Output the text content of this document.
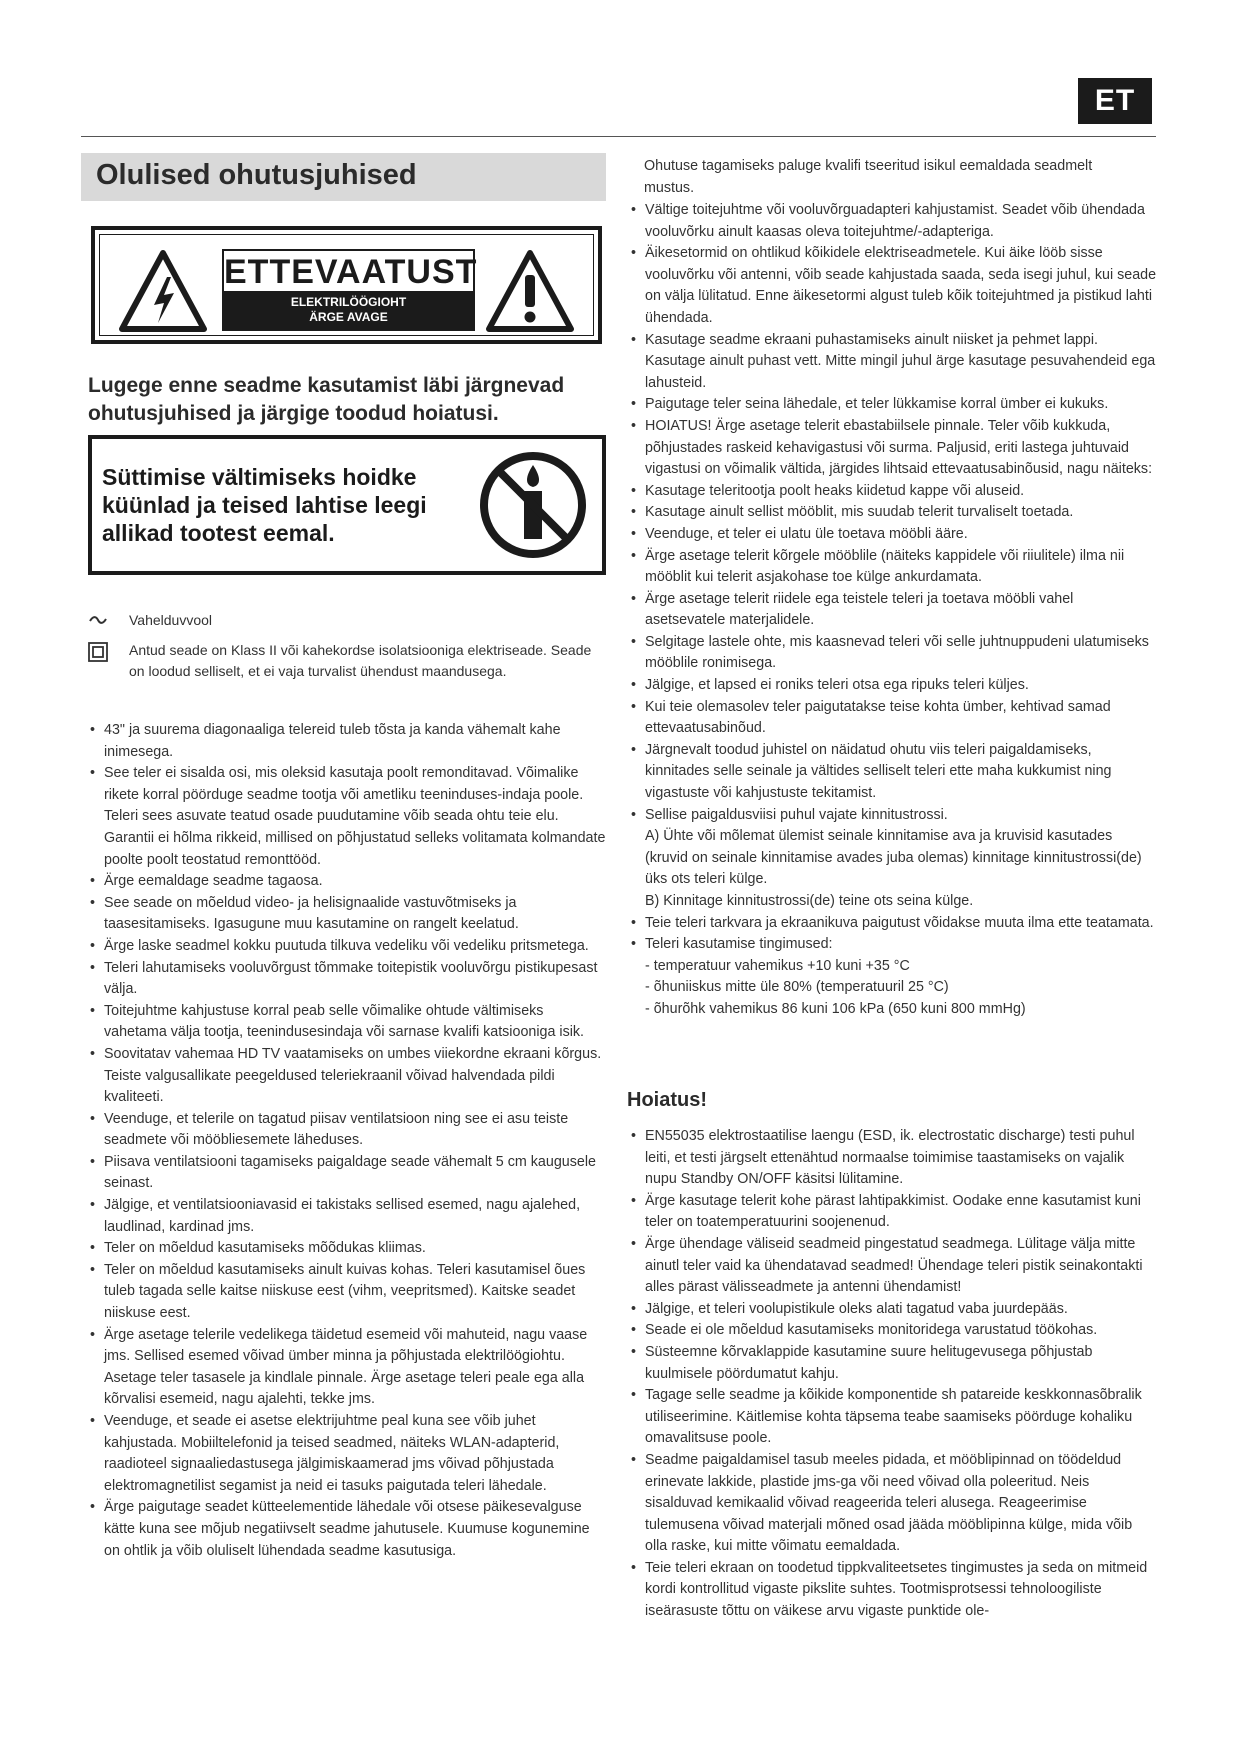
ET
Olulised ohutusjuhised
ETTEVAATUST
ELEKTRILÖÖGIOHT
ÄRGE AVAGE

Lugege enne seadme kasutamist läbi järgnevad ohutusjuhised ja järgige toodud hoiatusi.

Süttimise vältimiseks hoidke küünlad ja teised lahtise leegi allikad tootest eemal.
Vahelduvvool
Antud seade on Klass II või kahekordse isolatsiooniga elektriseade. Seade on loodud selliselt, et ei vaja turvalist ühendust maandusega.
• 43" ja suurema diagonaaliga telereid tuleb tõsta ja kanda vähemalt kahe inimesega.
• See teler ei sisalda osi, mis oleksid kasutaja poolt remonditavad. Võimalike rikete korral pöörduge seadme tootja või ametliku teeninduses-indaja poole. Teleri sees asuvate teatud osade puudutamine võib seada ohtu teie elu. Garantii ei hõlma rikkeid, millised on põhjustatud selleks volitamata kolmandate poolte poolt teostatud remonttööd.
• Ärge eemaldage seadme tagaosa.
• See seade on mõeldud video- ja helisignaalide vastuvõtmiseks ja taasesitamiseks. Igasugune muu kasutamine on rangelt keelatud.
• Ärge laske seadmel kokku puutuda tilkuva vedeliku või vedeliku pritsmetega.
• Teleri lahutamiseks vooluvõrgust tõmmake toitepistik vooluvõrgu pistikupesast välja.
• Toitejuhtme kahjustuse korral peab selle võimalike ohtude vältimiseks vahetama välja tootja, teenindusesindaja või sarnase kvalifi katsiooniga isik.
• Soovitatav vahemaa HD TV vaatamiseks on umbes viiekordne ekraani kõrgus. Teiste valgusallikate peegeldused teleriekraanil võivad halvendada pildi kvaliteeti.
• Veenduge, et telerile on tagatud piisav ventilatsioon ning see ei asu teiste seadmete või mööbliesemete läheduses.
• Piisava ventilatsiooni tagamiseks paigaldage seade vähemalt 5 cm kaugusele seinast.
• Jälgige, et ventilatsiooniavasid ei takistaks sellised esemed, nagu ajalehed, laudlinad, kardinad jms.
• Teler on mõeldud kasutamiseks mõõdukas kliimas.
• Teler on mõeldud kasutamiseks ainult kuivas kohas. Teleri kasutamisel õues tuleb tagada selle kaitse niiskuse eest (vihm, veepritsmed). Kaitske seadet niiskuse eest.
• Ärge asetage telerile vedelikega täidetud esemeid või mahuteid, nagu vaase jms. Sellised esemed võivad ümber minna ja põhjustada elektrilöögiohtu. Asetage teler tasasele ja kindlale pinnale. Ärge asetage teleri peale ega alla kõrvalisi esemeid, nagu ajalehti, tekke jms.
• Veenduge, et seade ei asetse elektrijuhtme peal kuna see võib juhet kahjustada. Mobiiltelefonid ja teised seadmed, näiteks WLAN-adapterid, raadioteel signaaliedastusega jälgimiskaamerad jms võivad põhjustada elektromagnetilist segamist ja neid ei tasuks paigutada teleri lähedale.
• Ärge paigutage seadet kütteelementide lähedale või otsese päikesevalguse kätte kuna see mõjub negatiivselt seadme jahutusele. Kuumuse kogunemine on ohtlik ja võib oluliselt lühendada seadme kasutusiga.

Ohutuse tagamiseks paluge kvalifi tseeritud isikul eemaldada seadmelt mustus.

• Vältige toitejuhtme või vooluvõrguadapteri kahjustamist. Seadet võib ühendada vooluvõrku ainult kaasas oleva toitejuhtme/-adapteriga.
• Äikesetormid on ohtlikud kõikidele elektriseadmetele. Kui äike lööb sisse vooluvõrku või antenni, võib seade kahjustada saada, seda isegi juhul, kui seade on välja lülitatud. Enne äikesetormi algust tuleb kõik toitejuhtmed ja pistikud lahti ühendada.
• Kasutage seadme ekraani puhastamiseks ainult niisket ja pehmet lappi. Kasutage ainult puhast vett. Mitte mingil juhul ärge kasutage pesuvahendeid ega lahusteid.
• Paigutage teler seina lähedale, et teler lükkamise korral ümber ei kukuks.
• HOIATUS! Ärge asetage telerit ebastabiilsele pinnale. Teler võib kukkuda, põhjustades raskeid kehavigastusi või surma. Paljusid, eriti lastega juhtuvaid vigastusi on võimalik vältida, järgides lihtsaid ettevaatusabinõusid, nagu näiteks:
• Kasutage teleritootja poolt heaks kiidetud kappe või aluseid.
• Kasutage ainult sellist mööblit, mis suudab telerit turvaliselt toetada.
• Veenduge, et teler ei ulatu üle toetava mööbli ääre.
• Ärge asetage telerit kõrgele mööblile (näiteks kappidele või riiulitele) ilma nii mööblit kui telerit asjakohase toe külge ankurdamata.
• Ärge asetage telerit riidele ega teistele teleri ja toetava mööbli vahel asetsevatele materjalidele.
• Selgitage lastele ohte, mis kaasnevad teleri või selle juhtnuppudeni ulatumiseks mööblile ronimisega.
• Jälgige, et lapsed ei roniks teleri otsa ega ripuks teleri küljes.
• Kui teie olemasolev teler paigutatakse teise kohta ümber, kehtivad samad ettevaatusabinõud.
• Järgnevalt toodud juhistel on näidatud ohutu viis teleri paigaldamiseks, kinnitades selle seinale ja vältides selliselt teleri ette maha kukkumist ning vigastuste või kahjustuste tekitamist.
• Sellise paigaldusviisi puhul vajate kinnitustrossi.
A) Ühte või mõlemat ülemist seinale kinnitamise ava ja kruvisid kasutades (kruvid on seinale kinnitamise avades juba olemas) kinnitage kinnitustrossi(de) üks ots teleri külge.
B) Kinnitage kinnitustrossi(de) teine ots seina külge.
• Teie teleri tarkvara ja ekraanikuva paigutust võidakse muuta ilma ette teatamata.
• Teleri kasutamise tingimused:
- temperatuur vahemikus +10 kuni +35 °C
- õhuniiskus mitte üle 80% (temperatuuril 25 °C)
- õhurõhk vahemikus 86 kuni 106 kPa (650 kuni 800 mmHg)
Hoiatus!
• EN55035 elektrostaatilise laengu (ESD, ik. electrostatic discharge) testi puhul leiti, et testi järgselt ettenähtud normaalse toimimise taastamiseks on vajalik nupu Standby ON/OFF käsitsi lülitamine.
• Ärge kasutage telerit kohe pärast lahtipakkimist. Oodake enne kasutamist kuni teler on toatemperatuurini soojenenud.
• Ärge ühendage väliseid seadmeid pingestatud seadmega. Lülitage välja mitte ainutl teler vaid ka ühendatavad seadmed! Ühendage teleri pistik seinakontakti alles pärast välisseadmete ja antenni ühendamist!
• Jälgige, et teleri voolupistikule oleks alati tagatud vaba juurdepääs.
• Seade ei ole mõeldud kasutamiseks monitoridega varustatud töökohas.
• Süsteemne kõrvaklappide kasutamine suure helitugevusega põhjustab kuulmisele pöördumatut kahju.
• Tagage selle seadme ja kõikide komponentide sh patareide keskkonnasõbralik utiliseerimine. Käitlemise kohta täpsema teabe saamiseks pöörduge kohaliku omavalitsuse poole.
• Seadme paigaldamisel tasub meeles pidada, et mööblipinnad on töödeldud erinevate lakkide, plastide jms-ga või need võivad olla poleeritud. Neis sisalduvad kemikaalid võivad reageerida teleri alusega. Reageerimise tulemusena võivad materjali mõned osad jääda mööblipinna külge, mida võib olla raske, kui mitte võimatu eemaldada.
• Teie teleri ekraan on toodetud tippkvaliteetsetes tingimustes ja seda on mitmeid kordi kontrollitud vigaste pikslite suhtes. Tootmisprotsessi tehnoloogiliste iseärasuste tõttu on väikese arvu vigaste punktide ole-
